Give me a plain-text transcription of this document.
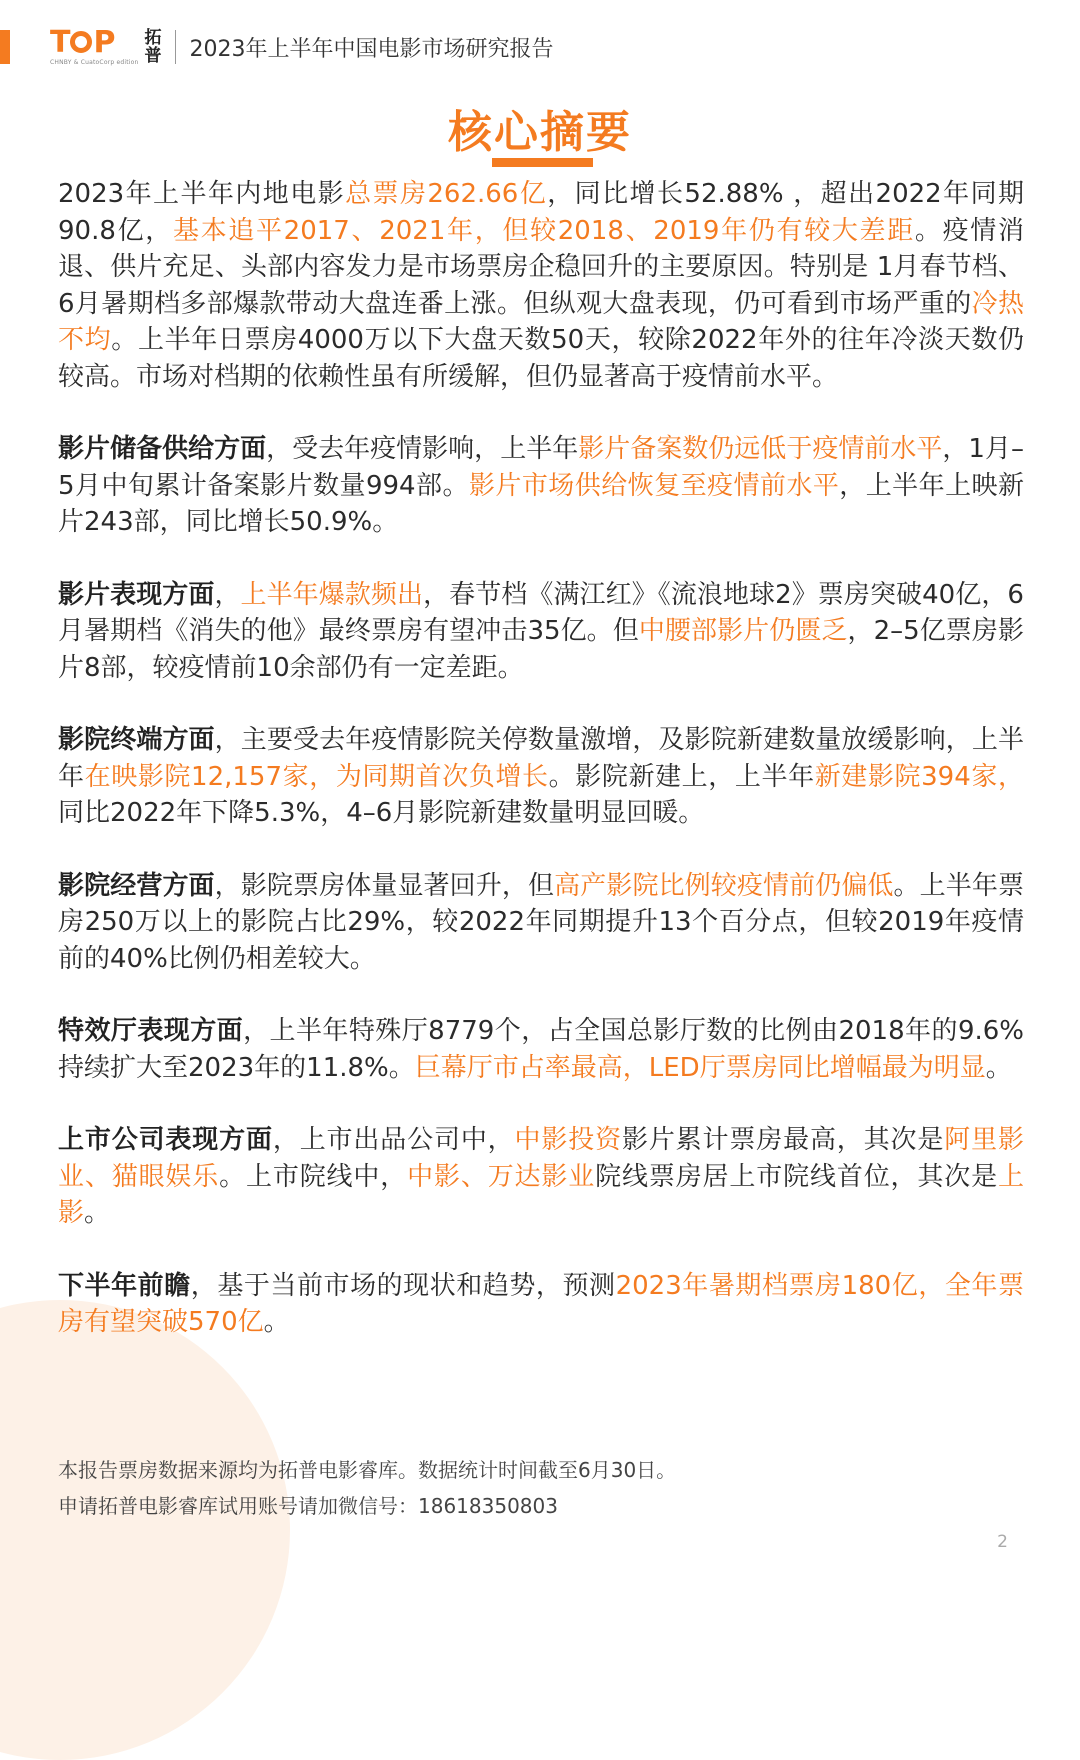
T P
CHNBY & CuatoCorp edition
拓普 2023年上半年中国电影市场研究报告
核心摘要

2023年上半年内地电影总票房262.66亿，同比增长52.88% ，超出2022年同期90.8亿，基本追平2017、2021年，但较2018、2019年仍有较大差距。疫情消退、供片充足、头部内容发力是市场票房企稳回升的主要原因。特别是 1月春节档、6月暑期档多部爆款带动大盘连番上涨。但纵观大盘表现，仍可看到市场严重的冷热不均。上半年日票房4000万以下大盘天数50天，较除2022年外的往年冷淡天数仍较高。市场对档期的依赖性虽有所缓解，但仍显著高于疫情前水平。

影片储备供给方面，受去年疫情影响，上半年影片备案数仍远低于疫情前水平，1月–5月中旬累计备案影片数量994部。影片市场供给恢复至疫情前水平，上半年上映新片243部，同比增长50.9%。

影片表现方面，上半年爆款频出，春节档《满江红》《流浪地球2》票房突破40亿，6月暑期档《消失的他》最终票房有望冲击35亿。但中腰部影片仍匮乏，2–5亿票房影片8部，较疫情前10余部仍有一定差距。

影院终端方面，主要受去年疫情影院关停数量激增，及影院新建数量放缓影响，上半年在映影院12,157家，为同期首次负增长。影院新建上，上半年新建影院394家，同比2022年下降5.3%，4–6月影院新建数量明显回暖。

影院经营方面，影院票房体量显著回升，但高产影院比例较疫情前仍偏低。上半年票房250万以上的影院占比29%，较2022年同期提升13个百分点，但较2019年疫情前的40%比例仍相差较大。

特效厅表现方面，上半年特殊厅8779个，占全国总影厅数的比例由2018年的9.6%持续扩大至2023年的11.8%。巨幕厅市占率最高，LED厅票房同比增幅最为明显。

上市公司表现方面，上市出品公司中，中影投资影片累计票房最高，其次是阿里影业、猫眼娱乐。上市院线中，中影、万达影业院线票房居上市院线首位，其次是上影。

下半年前瞻，基于当前市场的现状和趋势，预测2023年暑期档票房180亿，全年票房有望突破570亿。

本报告票房数据来源均为拓普电影睿库。数据统计时间截至6月30日。
申请拓普电影睿库试用账号请加微信号：18618350803
2
